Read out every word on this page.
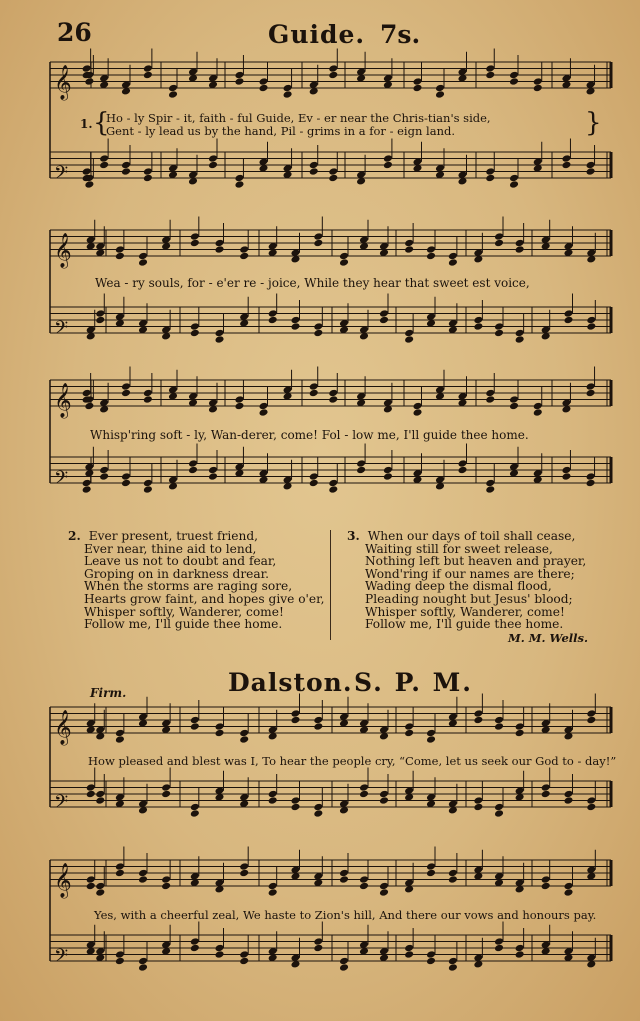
26	Guide. 7s.
𝄞
𝄢
𝄞
𝄢
𝄞
𝄢
𝄞
𝄢
𝄞
𝄢
1. {	}
Ho - ly Spir - it, faith - ful Guide, Ev - er near the Chris-tian's side,
Gent - ly lead us by the hand, Pil - grims in a for - eign land.
Wea - ry souls, for - e'er re - joice, While they hear that sweet est voice,
Whisp'ring soft - ly, Wan-derer, come! Fol - low me, I'll guide thee home.
2. Ever present, truest friend,
Ever near, thine aid to lend,
Leave us not to doubt and fear,
Groping on in darkness drear.
When the storms are raging sore,
Hearts grow faint, and hopes give o'er,
Whisper softly, Wanderer, come!
Follow me, I'll guide thee home.
3. When our days of toil shall cease,
Waiting still for sweet release,
Nothing left but heaven and prayer,
Wond'ring if our names are there;
Wading deep the dismal flood,
Pleading nought but Jesus' blood;
Whisper softly, Wanderer, come!
Follow me, I'll guide thee home.
M. M. Wells.
Dalston. S. P. M.
Firm.
How pleased and blest was I, To hear the people cry, “Come, let us seek our God to - day!”
Yes, with a cheerful zeal, We haste to Zion's hill, And there our vows and honours pay.
